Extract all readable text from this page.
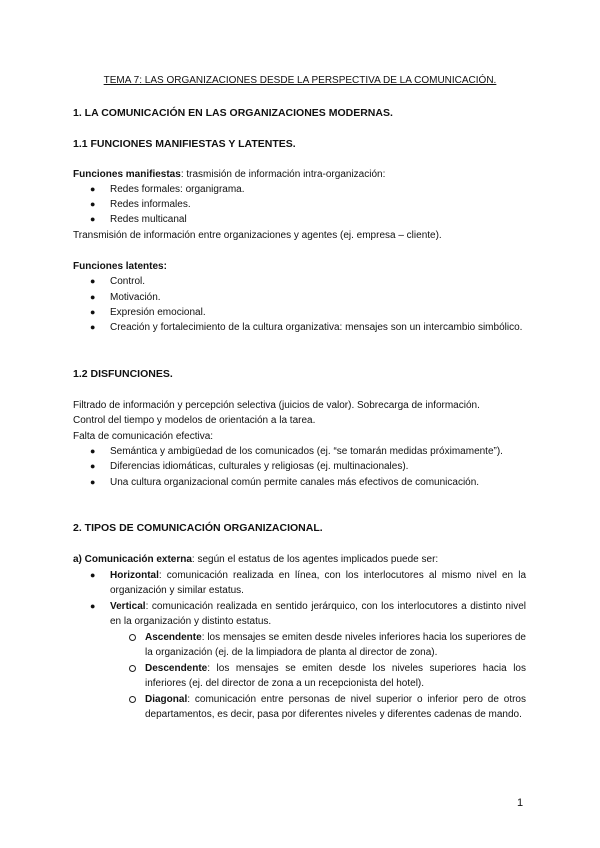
TEMA 7: LAS ORGANIZACIONES DESDE LA PERSPECTIVA DE LA COMUNICACIÓN.
1. LA COMUNICACIÓN EN LAS ORGANIZACIONES MODERNAS.
1.1 FUNCIONES MANIFIESTAS Y LATENTES.
Funciones manifiestas: trasmisión de información intra-organización:
● Redes formales: organigrama.
● Redes informales.
● Redes multicanal
Transmisión de información entre organizaciones y agentes (ej. empresa – cliente).
Funciones latentes:
● Control.
● Motivación.
● Expresión emocional.
● Creación y fortalecimiento de la cultura organizativa: mensajes son un intercambio simbólico.
1.2 DISFUNCIONES.
Filtrado de información y percepción selectiva (juicios de valor). Sobrecarga de información.
Control del tiempo y modelos de orientación a la tarea.
Falta de comunicación efectiva:
● Semántica y ambigüedad de los comunicados (ej. “se tomarán medidas próximamente”).
● Diferencias idiomáticas, culturales y religiosas (ej. multinacionales).
● Una cultura organizacional común permite canales más efectivos de comunicación.
2. TIPOS DE COMUNICACIÓN ORGANIZACIONAL.
a) Comunicación externa: según el estatus de los agentes implicados puede ser:
● Horizontal: comunicación realizada en línea, con los interlocutores al mismo nivel en la
organización y similar estatus.
● Vertical: comunicación realizada en sentido jerárquico, con los interlocutores a distinto nivel
en la organización y distinto estatus.
Ascendente: los mensajes se emiten desde niveles inferiores hacia los superiores de
la organización (ej. de la limpiadora de planta al director de zona).
Descendente: los mensajes se emiten desde los niveles superiores hacia los
inferiores (ej. del director de zona a un recepcionista del hotel).
Diagonal: comunicación entre personas de nivel superior o inferior pero de otros
departamentos, es decir, pasa por diferentes niveles y diferentes cadenas de mando.
1
